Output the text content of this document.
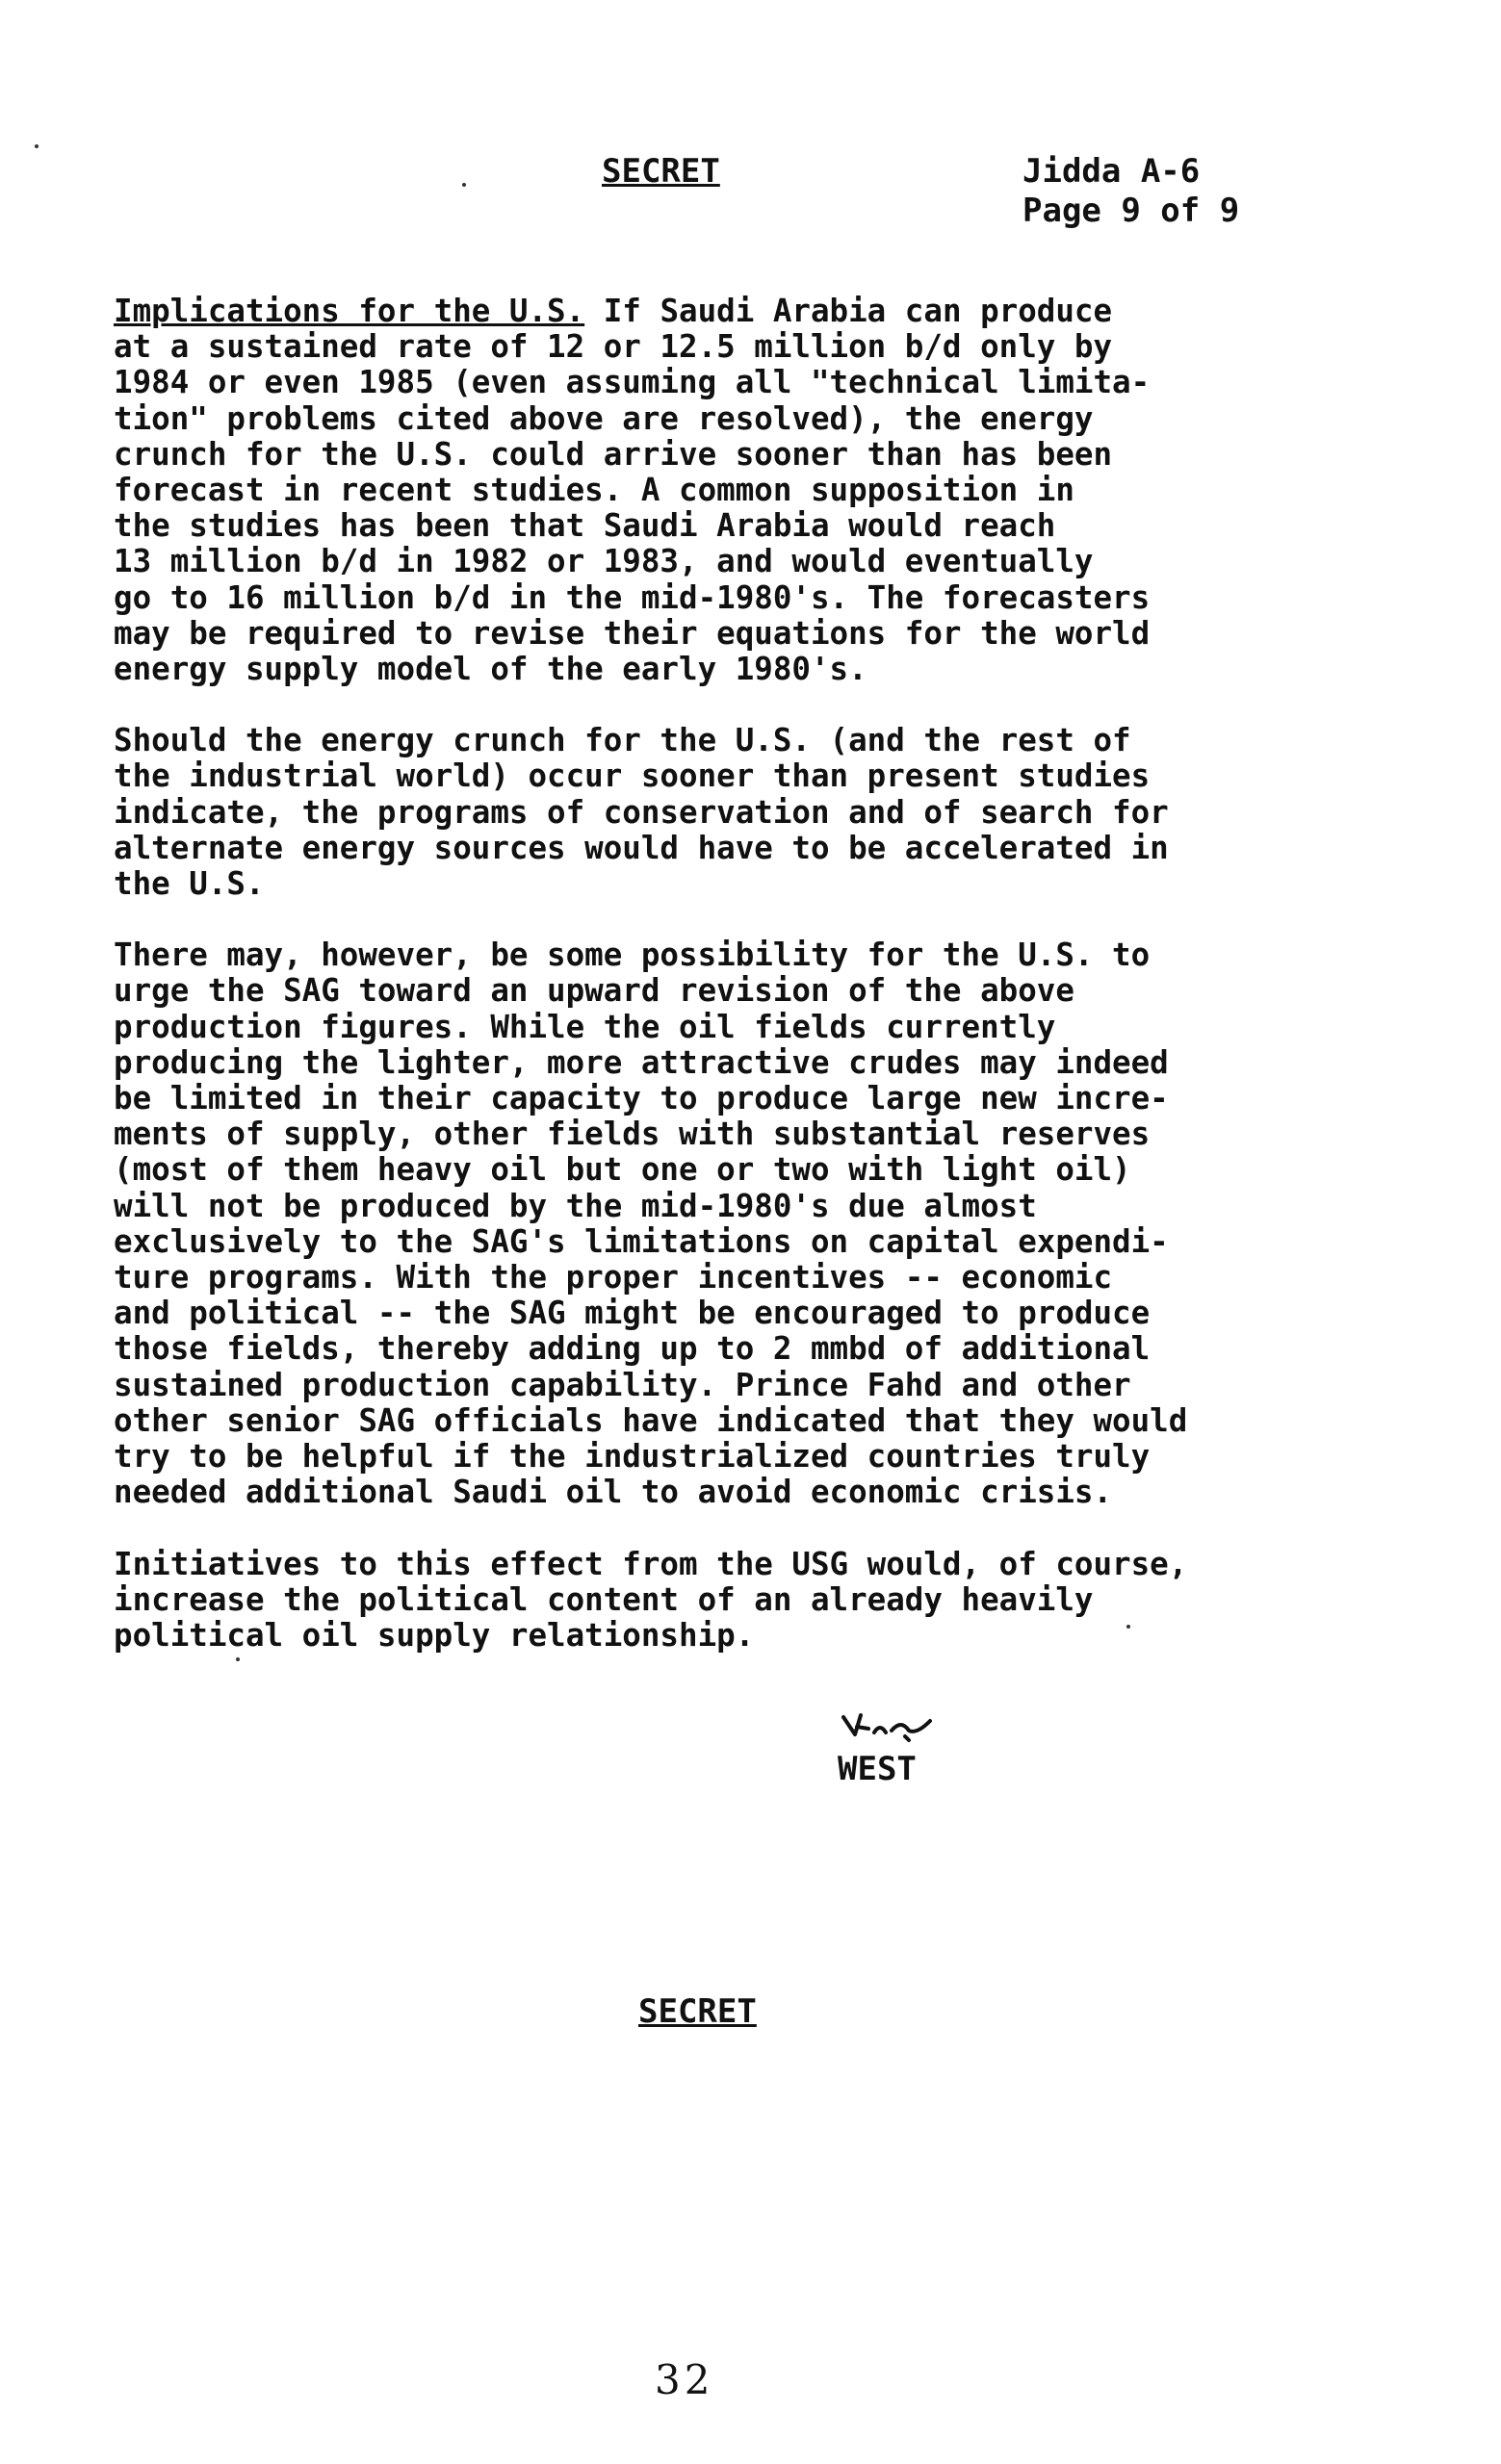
SECRET	Jidda A-6
Page 9 of 9

Implications for the U.S. If Saudi Arabia can produce
at a sustained rate of 12 or 12.5 million b/d only by
1984 or even 1985 (even assuming all "technical limita-
tion" problems cited above are resolved), the energy
crunch for the U.S. could arrive sooner than has been
forecast in recent studies. A common supposition in
the studies has been that Saudi Arabia would reach
13 million b/d in 1982 or 1983, and would eventually
go to 16 million b/d in the mid-1980's. The forecasters
may be required to revise their equations for the world
energy supply model of the early 1980's.

Should the energy crunch for the U.S. (and the rest of
the industrial world) occur sooner than present studies
indicate, the programs of conservation and of search for
alternate energy sources would have to be accelerated in
the U.S.

There may, however, be some possibility for the U.S. to
urge the SAG toward an upward revision of the above
production figures. While the oil fields currently
producing the lighter, more attractive crudes may indeed
be limited in their capacity to produce large new incre-
ments of supply, other fields with substantial reserves
(most of them heavy oil but one or two with light oil)
will not be produced by the mid-1980's due almost
exclusively to the SAG's limitations on capital expendi-
ture programs. With the proper incentives -- economic
and political -- the SAG might be encouraged to produce
those fields, thereby adding up to 2 mmbd of additional
sustained production capability. Prince Fahd and other
other senior SAG officials have indicated that they would
try to be helpful if the industrialized countries truly
needed additional Saudi oil to avoid economic crisis.

Initiatives to this effect from the USG would, of course,
increase the political content of an already heavily
political oil supply relationship.

WEST
SECRET
32
